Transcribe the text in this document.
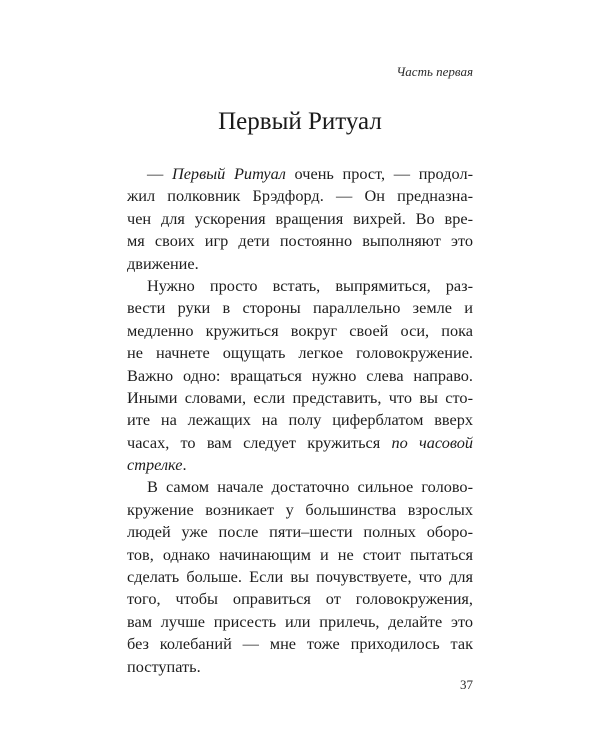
Часть первая
Первый Ритуал
— Первый Ритуал очень прост, — продол-
жил полковник Брэдфорд. — Он предназна-
чен для ускорения вращения вихрей. Во вре-
мя своих игр дети постоянно выполняют это
движение.
Нужно просто встать, выпрямиться, раз-
вести руки в стороны параллельно земле и
медленно кружиться вокруг своей оси, пока
не начнете ощущать легкое головокружение.
Важно одно: вращаться нужно слева направо.
Иными словами, если представить, что вы сто-
ите на лежащих на полу циферблатом вверх
часах, то вам следует кружиться по часовой
стрелке.
В самом начале достаточно сильное голово-
кружение возникает у большинства взрослых
людей уже после пяти–шести полных оборо-
тов, однако начинающим и не стоит пытаться
сделать больше. Если вы почувствуете, что для
того, чтобы оправиться от головокружения,
вам лучше присесть или прилечь, делайте это
без колебаний — мне тоже приходилось так
поступать.
37
